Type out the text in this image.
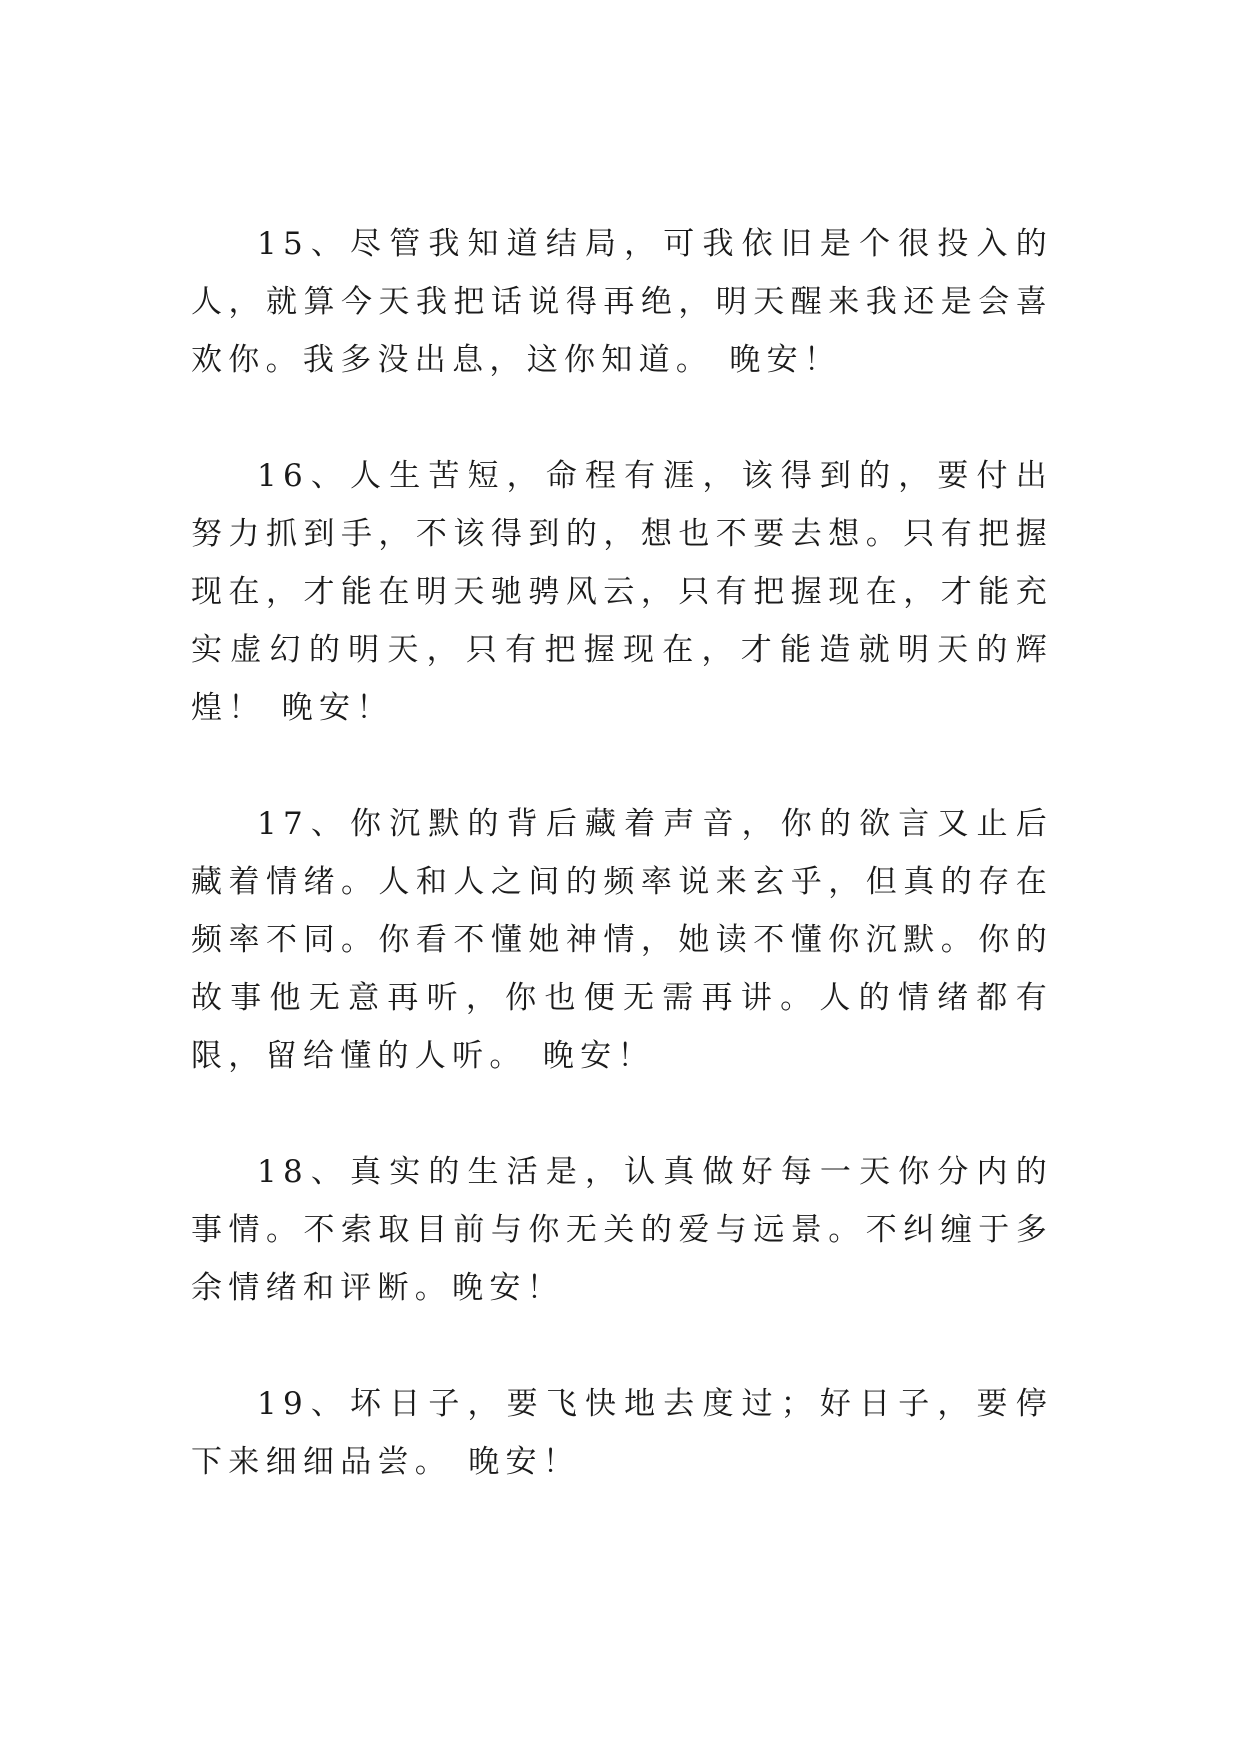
15、尽管我知道结局，可我依旧是个很投入的人，就算今天我把话说得再绝，明天醒来我还是会喜欢你。我多没出息，这你知道。 晚安！

16、人生苦短，命程有涯，该得到的，要付出努力抓到手，不该得到的，想也不要去想。只有把握现在，才能在明天驰骋风云，只有把握现在，才能充实虚幻的明天，只有把握现在，才能造就明天的辉煌！ 晚安！

17、你沉默的背后藏着声音，你的欲言又止后藏着情绪。人和人之间的频率说来玄乎，但真的存在频率不同。你看不懂她神情，她读不懂你沉默。你的故事他无意再听，你也便无需再讲。人的情绪都有限，留给懂的人听。 晚安！

18、真实的生活是，认真做好每一天你分内的事情。不索取目前与你无关的爱与远景。不纠缠于多余情绪和评断。晚安！

19、坏日子，要飞快地去度过；好日子，要停下来细细品尝。 晚安！
